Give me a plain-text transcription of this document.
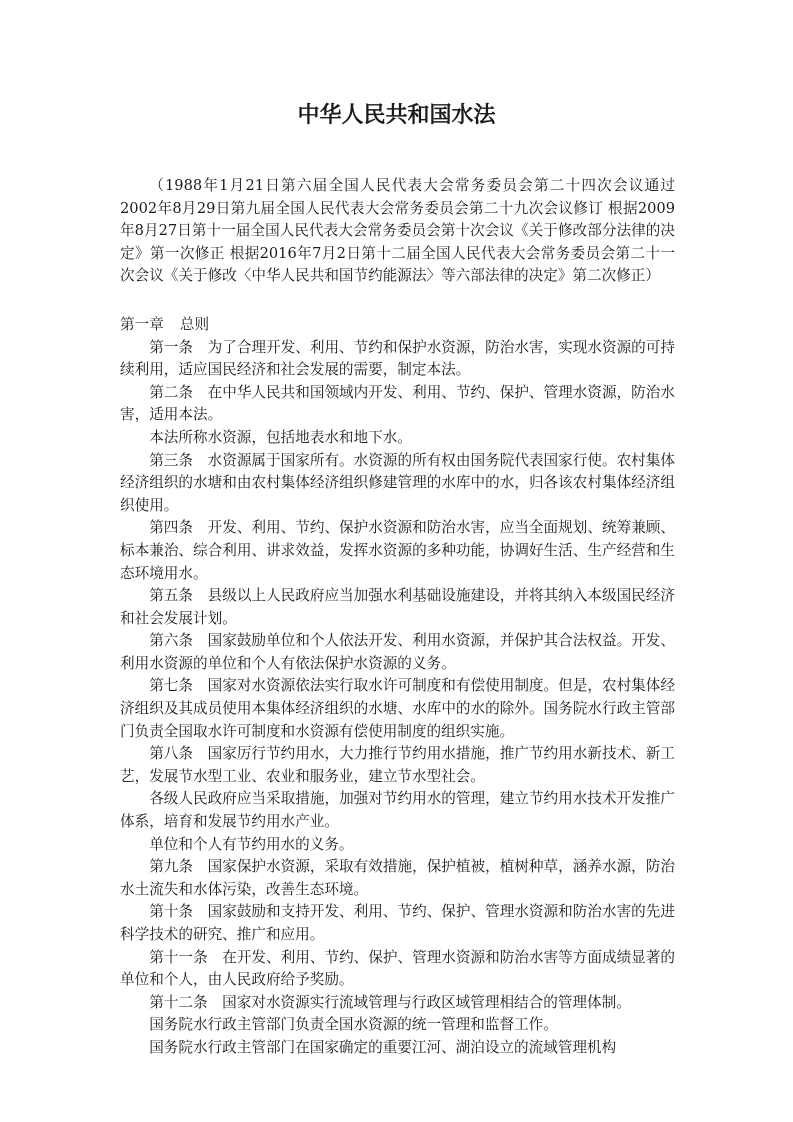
中华人民共和国水法

（1988年1月21日第六届全国人民代表大会常务委员会第二十四次会议通过 2002年8月29日第九届全国人民代表大会常务委员会第二十九次会议修订 根据2009年8月27日第十一届全国人民代表大会常务委员会第十次会议《关于修改部分法律的决定》第一次修正 根据2016年7月2日第十二届全国人民代表大会常务委员会第二十一次会议《关于修改〈中华人民共和国节约能源法〉等六部法律的决定》第二次修正）

第一章 总则

第一条 为了合理开发、利用、节约和保护水资源，防治水害，实现水资源的可持续利用，适应国民经济和社会发展的需要，制定本法。

第二条 在中华人民共和国领域内开发、利用、节约、保护、管理水资源，防治水害，适用本法。

本法所称水资源，包括地表水和地下水。

第三条 水资源属于国家所有。水资源的所有权由国务院代表国家行使。农村集体经济组织的水塘和由农村集体经济组织修建管理的水库中的水，归各该农村集体经济组织使用。

第四条 开发、利用、节约、保护水资源和防治水害，应当全面规划、统筹兼顾、标本兼治、综合利用、讲求效益，发挥水资源的多种功能，协调好生活、生产经营和生态环境用水。

第五条 县级以上人民政府应当加强水利基础设施建设，并将其纳入本级国民经济和社会发展计划。

第六条 国家鼓励单位和个人依法开发、利用水资源，并保护其合法权益。开发、利用水资源的单位和个人有依法保护水资源的义务。

第七条 国家对水资源依法实行取水许可制度和有偿使用制度。但是，农村集体经济组织及其成员使用本集体经济组织的水塘、水库中的水的除外。国务院水行政主管部门负责全国取水许可制度和水资源有偿使用制度的组织实施。

第八条 国家厉行节约用水，大力推行节约用水措施，推广节约用水新技术、新工艺，发展节水型工业、农业和服务业，建立节水型社会。

各级人民政府应当采取措施，加强对节约用水的管理，建立节约用水技术开发推广体系，培育和发展节约用水产业。

单位和个人有节约用水的义务。

第九条 国家保护水资源，采取有效措施，保护植被，植树种草，涵养水源，防治水土流失和水体污染，改善生态环境。

第十条 国家鼓励和支持开发、利用、节约、保护、管理水资源和防治水害的先进科学技术的研究、推广和应用。

第十一条 在开发、利用、节约、保护、管理水资源和防治水害等方面成绩显著的单位和个人，由人民政府给予奖励。

第十二条 国家对水资源实行流域管理与行政区域管理相结合的管理体制。

国务院水行政主管部门负责全国水资源的统一管理和监督工作。

国务院水行政主管部门在国家确定的重要江河、湖泊设立的流域管理机构
